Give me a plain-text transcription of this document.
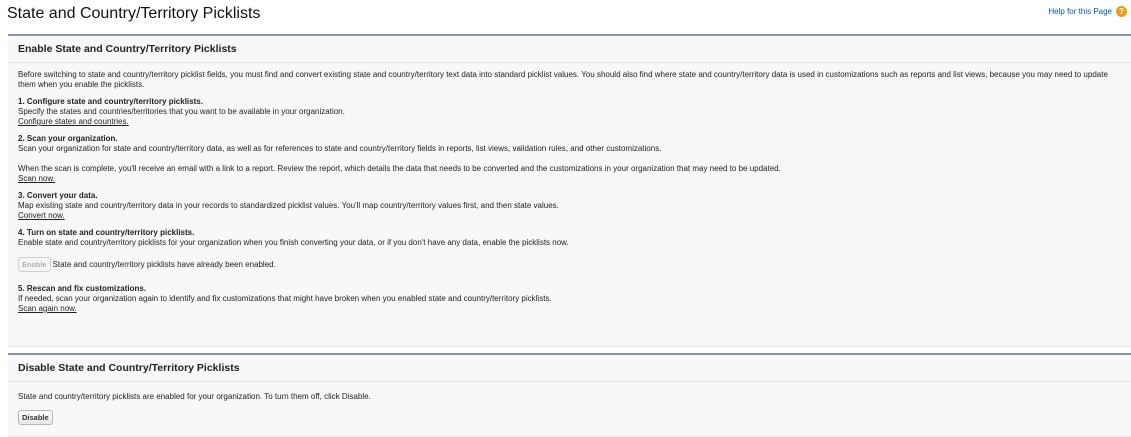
State and Country/Territory Picklists	Help for this Page ?
Enable State and Country/Territory Picklists

Before switching to state and country/territory picklist fields, you must find and convert existing state and country/territory text data into standard picklist values. You should also find where state and country/territory data is used in customizations such as reports and list views, because you may need to update them when you enable the picklists.

1. Configure state and country/territory picklists.

Specify the states and countries/territories that you want to be available in your organization.

Configure states and countries.

2. Scan your organization.

Scan your organization for state and country/territory data, as well as for references to state and country/territory fields in reports, list views, validation rules, and other customizations.

When the scan is complete, you'll receive an email with a link to a report. Review the report, which details the data that needs to be converted and the customizations in your organization that may need to be updated.

Scan now.

3. Convert your data.

Map existing state and country/territory data in your records to standardized picklist values. You'll map country/territory values first, and then state values.

Convert now.

4. Turn on state and country/territory picklists.

Enable state and country/territory picklists for your organization when you finish converting your data, or if you don't have any data, enable the picklists now.

Enable State and country/territory picklists have already been enabled.

5. Rescan and fix customizations.

If needed, scan your organization again to identify and fix customizations that might have broken when you enabled state and country/territory picklists.

Scan again now.
Disable State and Country/Territory Picklists

State and country/territory picklists are enabled for your organization. To turn them off, click Disable.

Disable
